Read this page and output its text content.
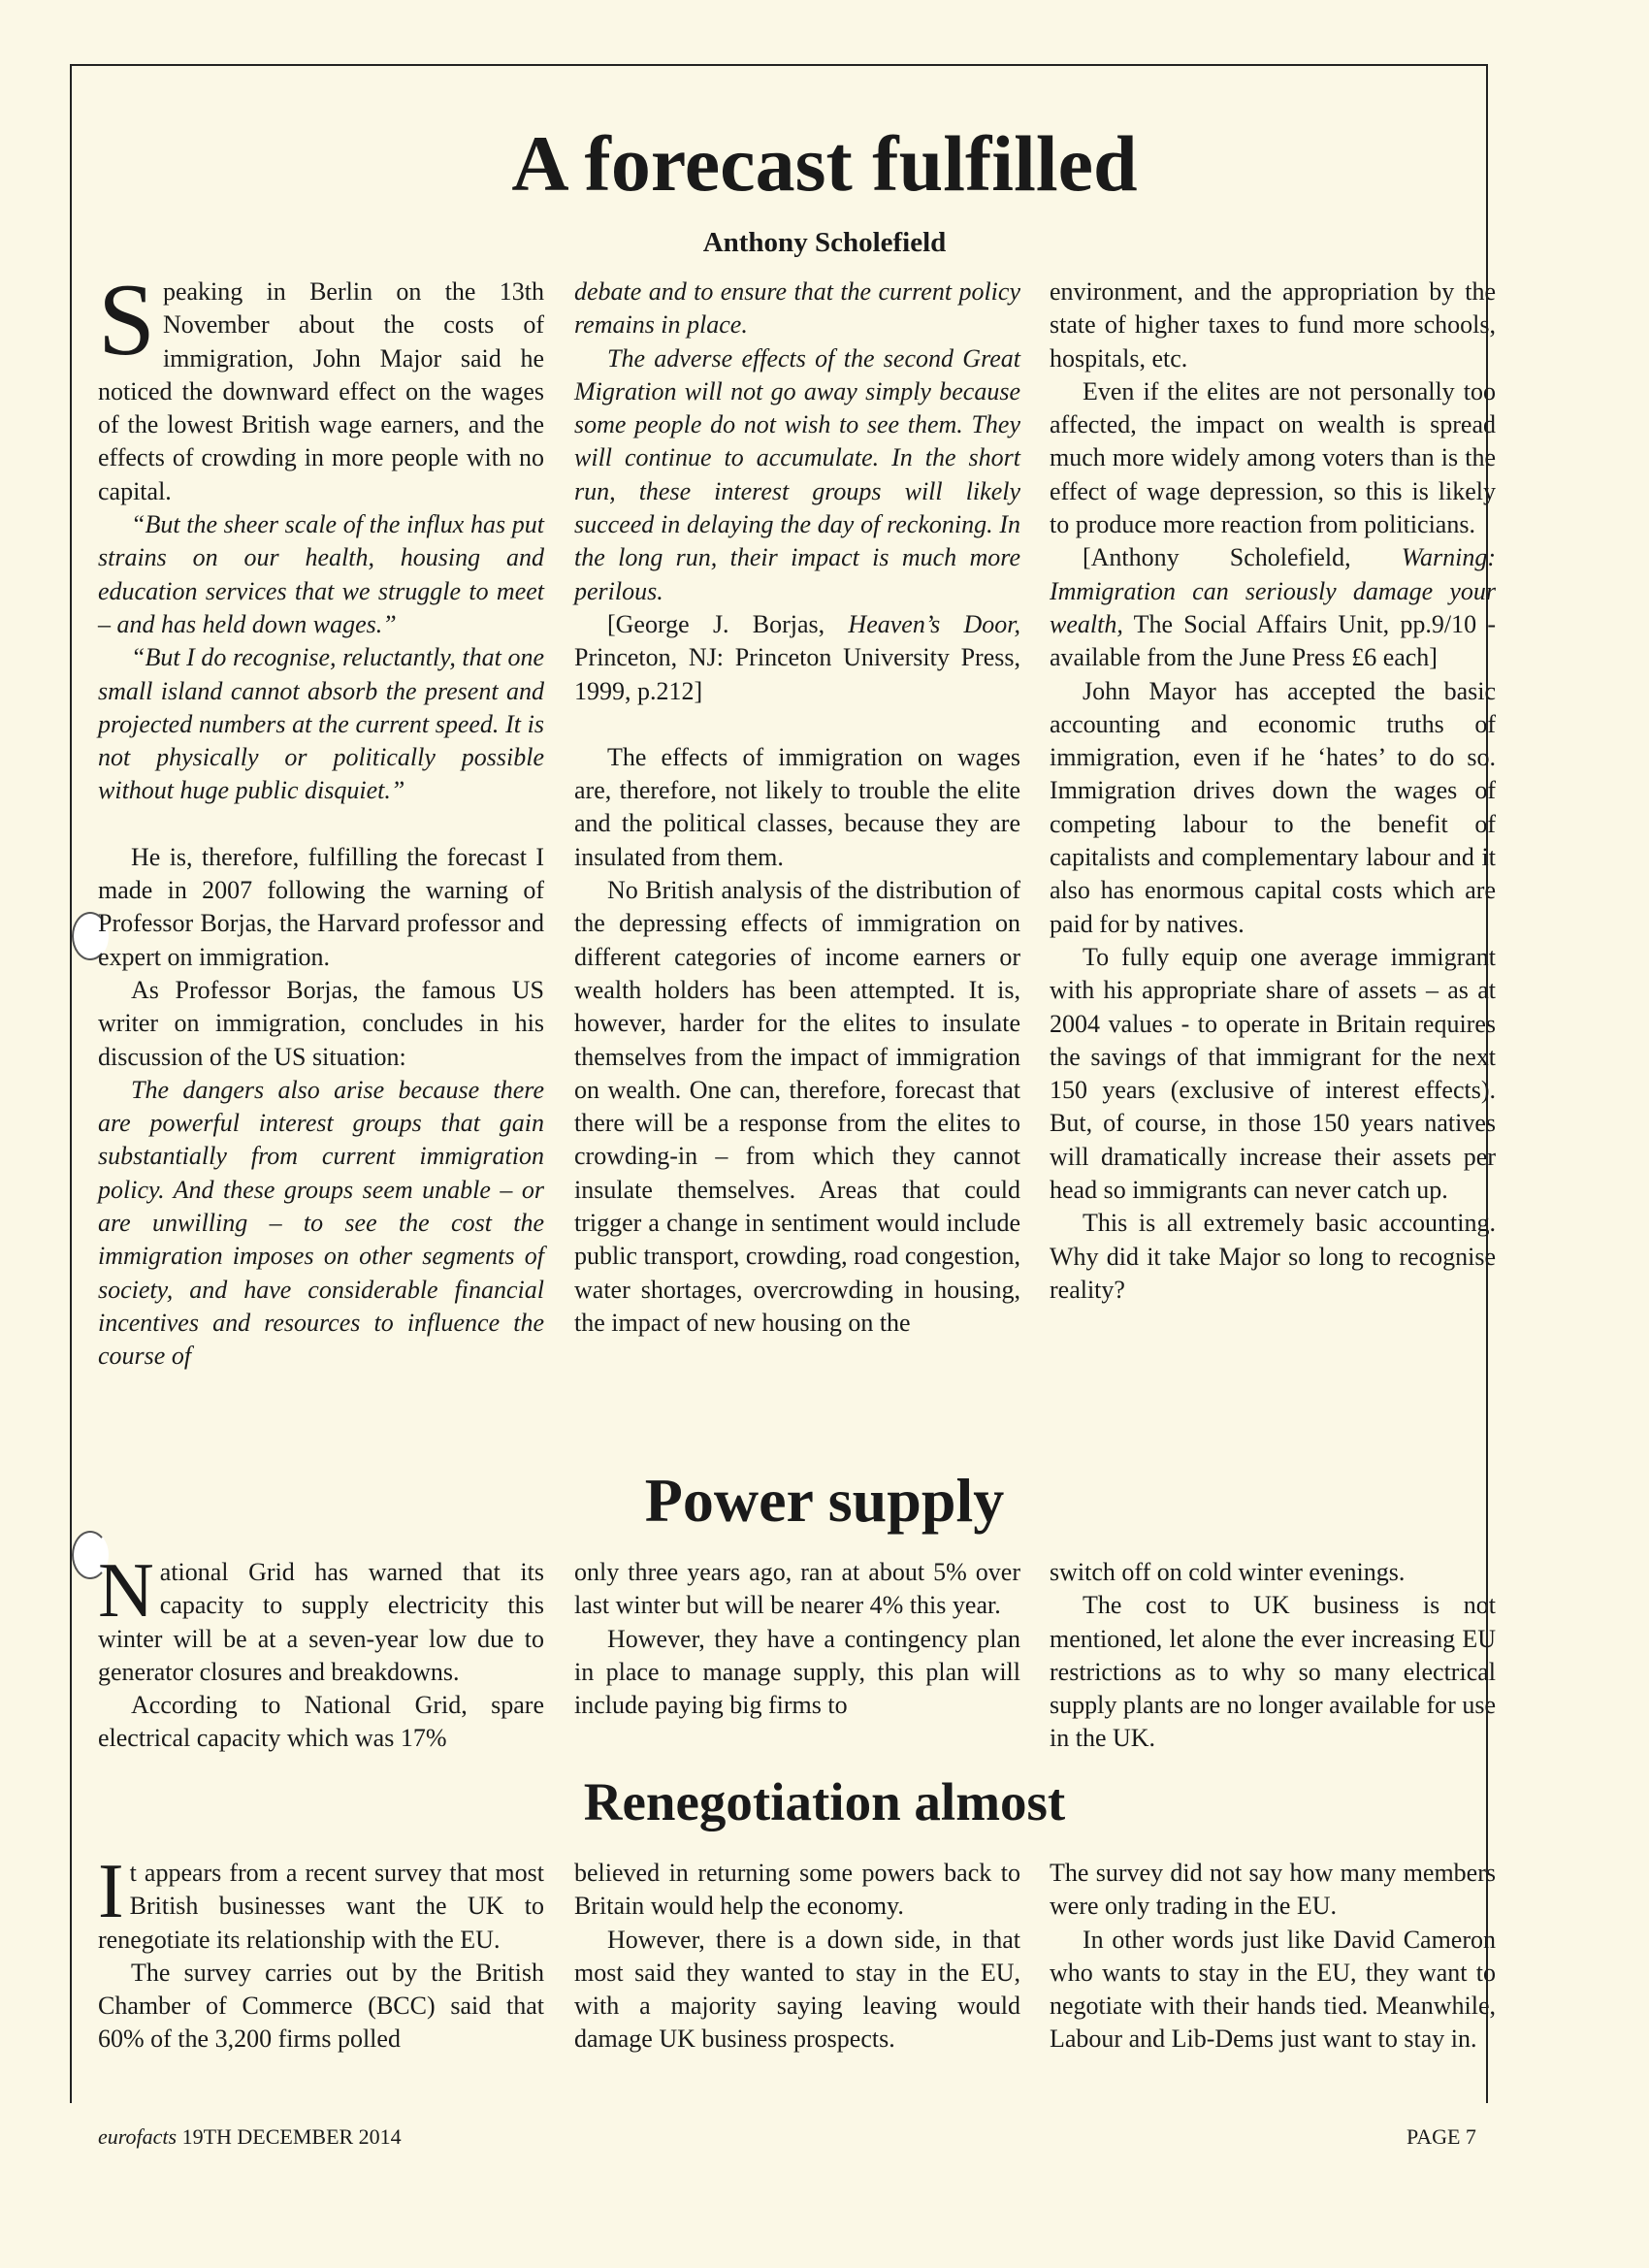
A forecast fulfilled

Anthony Scholefield

Speaking in Berlin on the 13th November about the costs of immigration, John Major said he noticed the downward effect on the wages of the lowest British wage earners, and the effects of crowding in more people with no capital.

“But the sheer scale of the influx has put strains on our health, housing and education services that we struggle to meet – and has held down wages.”

“But I do recognise, reluctantly, that one small island cannot absorb the present and projected numbers at the current speed. It is not physically or politically possible without huge public disquiet.”

He is, therefore, fulfilling the forecast I made in 2007 following the warning of Professor Borjas, the Harvard professor and expert on immigration.

As Professor Borjas, the famous US writer on immigration, concludes in his discussion of the US situation:

The dangers also arise because there are powerful interest groups that gain substantially from current immigration policy. And these groups seem unable – or are unwilling – to see the cost the immigration imposes on other segments of society, and have considerable financial incentives and resources to influence the course of

debate and to ensure that the current policy remains in place.

The adverse effects of the second Great Migration will not go away simply because some people do not wish to see them. They will continue to accumulate. In the short run, these interest groups will likely succeed in delaying the day of reckoning. In the long run, their impact is much more perilous.

[George J. Borjas, Heaven’s Door, Princeton, NJ: Princeton University Press, 1999, p.212]

The effects of immigration on wages are, therefore, not likely to trouble the elite and the political classes, because they are insulated from them.

No British analysis of the distribution of the depressing effects of immigration on different categories of income earners or wealth holders has been attempted. It is, however, harder for the elites to insulate themselves from the impact of immigration on wealth. One can, therefore, forecast that there will be a response from the elites to crowding-in – from which they cannot insulate themselves. Areas that could trigger a change in sentiment would include public transport, crowding, road congestion, water shortages, overcrowding in housing, the impact of new housing on the

environment, and the appropriation by the state of higher taxes to fund more schools, hospitals, etc.

Even if the elites are not personally too affected, the impact on wealth is spread much more widely among voters than is the effect of wage depression, so this is likely to produce more reaction from politicians.

[Anthony Scholefield, Warning: Immigration can seriously damage your wealth, The Social Affairs Unit, pp.9/10 - available from the June Press £6 each]

John Mayor has accepted the basic accounting and economic truths of immigration, even if he ‘hates’ to do so. Immigration drives down the wages of competing labour to the benefit of capitalists and complementary labour and it also has enormous capital costs which are paid for by natives.

To fully equip one average immigrant with his appropriate share of assets – as at 2004 values - to operate in Britain requires the savings of that immigrant for the next 150 years (exclusive of interest effects). But, of course, in those 150 years natives will dramatically increase their assets per head so immigrants can never catch up.

This is all extremely basic accounting. Why did it take Major so long to recognise reality?

Power supply

National Grid has warned that its capacity to supply electricity this winter will be at a seven-year low due to generator closures and breakdowns.

According to National Grid, spare electrical capacity which was 17%

only three years ago, ran at about 5% over last winter but will be nearer 4% this year.

However, they have a contingency plan in place to manage supply, this plan will include paying big firms to

switch off on cold winter evenings.

The cost to UK business is not mentioned, let alone the ever increasing EU restrictions as to why so many electrical supply plants are no longer available for use in the UK.

Renegotiation almost

It appears from a recent survey that most British businesses want the UK to renegotiate its relationship with the EU.

The survey carries out by the British Chamber of Commerce (BCC) said that 60% of the 3,200 firms polled

believed in returning some powers back to Britain would help the economy.

However, there is a down side, in that most said they wanted to stay in the EU, with a majority saying leaving would damage UK business prospects.

The survey did not say how many members were only trading in the EU.

In other words just like David Cameron who wants to stay in the EU, they want to negotiate with their hands tied. Meanwhile, Labour and Lib-Dems just want to stay in.

eurofacts 19TH DECEMBER 2014	PAGE 7
